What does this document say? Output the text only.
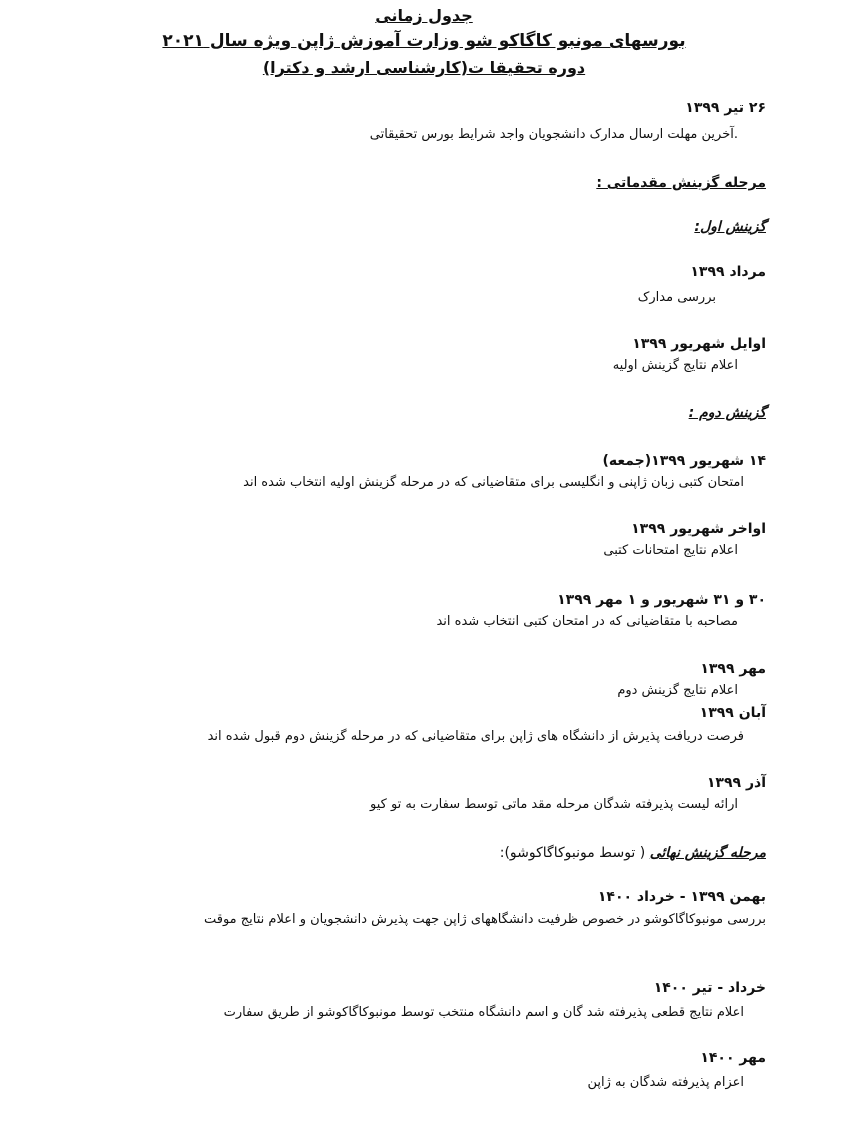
جدول زمانی
بورسهای مونبو کاگاکو شو وزارت آموزش ژاپن ویژه سال ۲۰۲۱
دوره تحقیقا ت(کارشناسی ارشد و دکترا)
۲۶ تیر ۱۳۹۹
.آخرین مهلت ارسال مدارک دانشجویان واجد شرایط بورس تحقیقاتی
مرحله گزینش مقدماتی :
گزینش اول:
مرداد ۱۳۹۹
بررسی مدارک
اوایل شهریور ۱۳۹۹
اعلام نتایج گزینش اولیه
گزینش دوم :
۱۴ شهریور ۱۳۹۹(جمعه)
امتحان کتبی زبان ژاپنی و انگلیسی برای متقاضیانی که در مرحله گزینش اولیه انتخاب شده اند
اواخر شهریور ۱۳۹۹
اعلام نتایج امتحانات کتبی
۳۰ و ۳۱ شهریور و ۱ مهر ۱۳۹۹
مصاحبه با متقاضیانی که در امتحان کتبی انتخاب شده اند
مهر ۱۳۹۹
اعلام نتایج گزینش دوم
آبان ۱۳۹۹
فرصت دریافت پذیرش از دانشگاه های ژاپن برای متقاضیانی که در مرحله گزینش دوم قبول شده اند
آذر ۱۳۹۹
ارائه لیست پذیرفته شدگان مرحله مقد ماتی توسط سفارت به تو کیو
مرحله گزینش نهائی ( توسط مونبوکاگاکوشو):
بهمن ۱۳۹۹ - خرداد ۱۴۰۰
بررسی مونبوکاگاکوشو در خصوص ظرفیت دانشگاههای ژاپن جهت پذیرش دانشجویان و اعلام نتایج موقت
خرداد - تیر ۱۴۰۰
اعلام نتایج قطعی پذیرفته شد گان و اسم دانشگاه منتخب توسط مونبوکاگاکوشو از طریق سفارت
مهر ۱۴۰۰
اعزام پذیرفته شدگان به ژاپن
